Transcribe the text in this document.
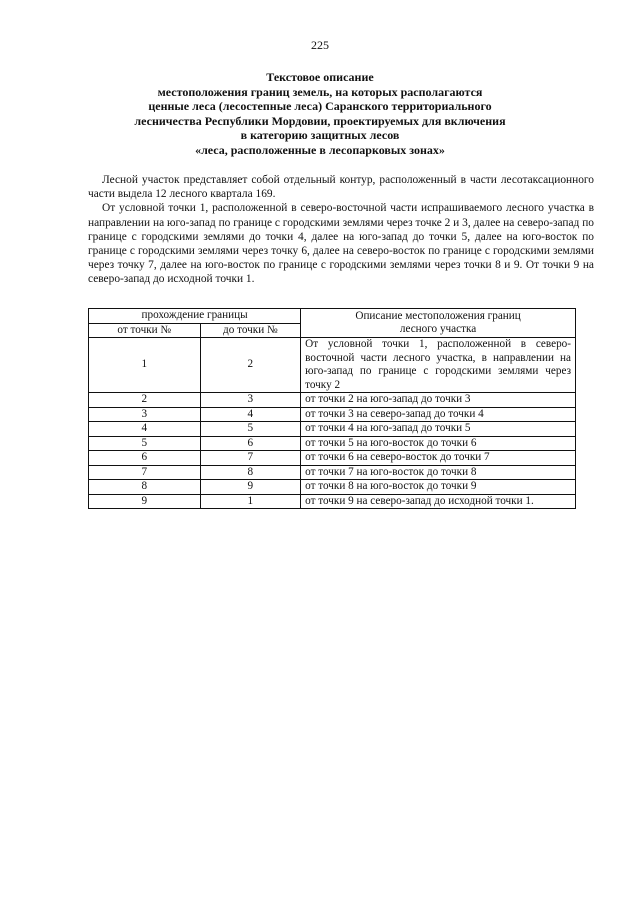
225
Текстовое описание
местоположения границ земель, на которых располагаются
ценные леса (лесостепные леса) Саранского территориального
лесничества Республики Мордовии, проектируемых для включения
в категорию защитных лесов
«леса, расположенные в лесопарковых зонах»

Лесной участок представляет собой отдельный контур, расположенный в части лесотаксационного части выдела 12 лесного квартала 169.

От условной точки 1, расположенной в северо-восточной части испрашиваемого лесного участка в направлении на юго-запад по границе с городскими землями через точке 2 и 3, далее на северо-запад по границе с городскими землями до точки 4, далее на юго-запад до точки 5, далее на юго-восток по границе с городскими землями через точку 6, далее на северо-восток по границе с городскими землями через точку 7, далее на юго-восток по границе с городскими землями через точки 8 и 9. От точки 9 на северо-запад до исходной точки 1.

прохождение границы		Описание местоположения границ
лесного участка

от точки №	до точки №	
1	2	От условной точки 1, расположенной в северо-восточной части лесного участка, в направлении на юго-запад по границе с городскими землями через точку 2
2	3	от точки 2 на юго-запад до точки 3
3	4	от точки 3 на северо-запад до точки 4
4	5	от точки 4 на юго-запад до точки 5
5	6	от точки 5 на юго-восток до точки 6
6	7	от точки 6 на северо-восток до точки 7
7	8	от точки 7 на юго-восток до точки 8
8	9	от точки 8 на юго-восток до точки 9
9	1	от точки 9 на северо-запад до исходной точки 1.
